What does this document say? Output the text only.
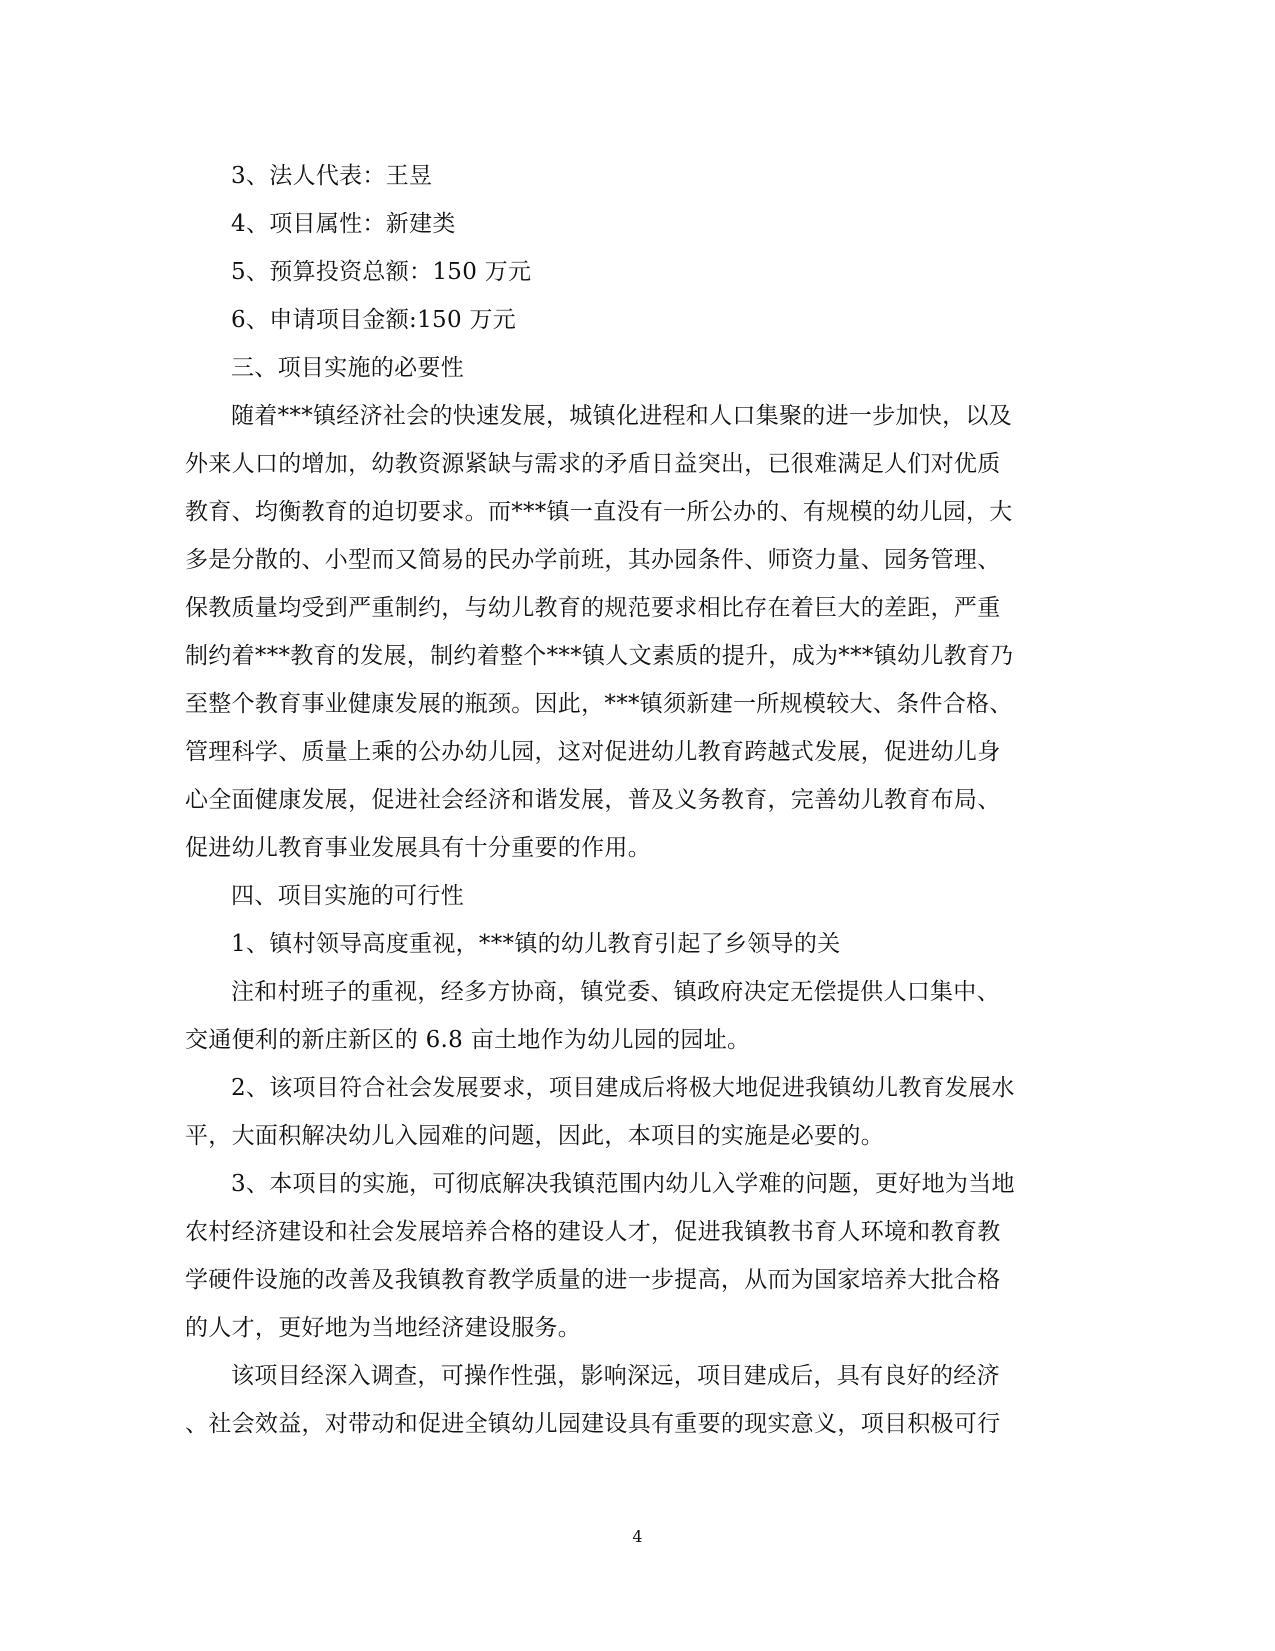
3、法人代表：王昱
4、项目属性：新建类
5、预算投资总额：150 万元
6、申请项目金额:150 万元
三、项目实施的必要性
随着***镇经济社会的快速发展，城镇化进程和人口集聚的进一步加快，以及
外来人口的增加，幼教资源紧缺与需求的矛盾日益突出，已很难满足人们对优质
教育、均衡教育的迫切要求。而***镇一直没有一所公办的、有规模的幼儿园，大
多是分散的、小型而又简易的民办学前班，其办园条件、师资力量、园务管理、
保教质量均受到严重制约，与幼儿教育的规范要求相比存在着巨大的差距，严重
制约着***教育的发展，制约着整个***镇人文素质的提升，成为***镇幼儿教育乃
至整个教育事业健康发展的瓶颈。因此，***镇须新建一所规模较大、条件合格、
管理科学、质量上乘的公办幼儿园，这对促进幼儿教育跨越式发展，促进幼儿身
心全面健康发展，促进社会经济和谐发展，普及义务教育，完善幼儿教育布局、
促进幼儿教育事业发展具有十分重要的作用。
四、项目实施的可行性
1、镇村领导高度重视，***镇的幼儿教育引起了乡领导的关
注和村班子的重视，经多方协商，镇党委、镇政府决定无偿提供人口集中、
交通便利的新庄新区的 6.8 亩土地作为幼儿园的园址。
2、该项目符合社会发展要求，项目建成后将极大地促进我镇幼儿教育发展水
平，大面积解决幼儿入园难的问题，因此，本项目的实施是必要的。
3、本项目的实施，可彻底解决我镇范围内幼儿入学难的问题，更好地为当地
农村经济建设和社会发展培养合格的建设人才，促进我镇教书育人环境和教育教
学硬件设施的改善及我镇教育教学质量的进一步提高，从而为国家培养大批合格
的人才，更好地为当地经济建设服务。
该项目经深入调查，可操作性强，影响深远，项目建成后，具有良好的经济
、社会效益，对带动和促进全镇幼儿园建设具有重要的现实意义，项目积极可行
4
